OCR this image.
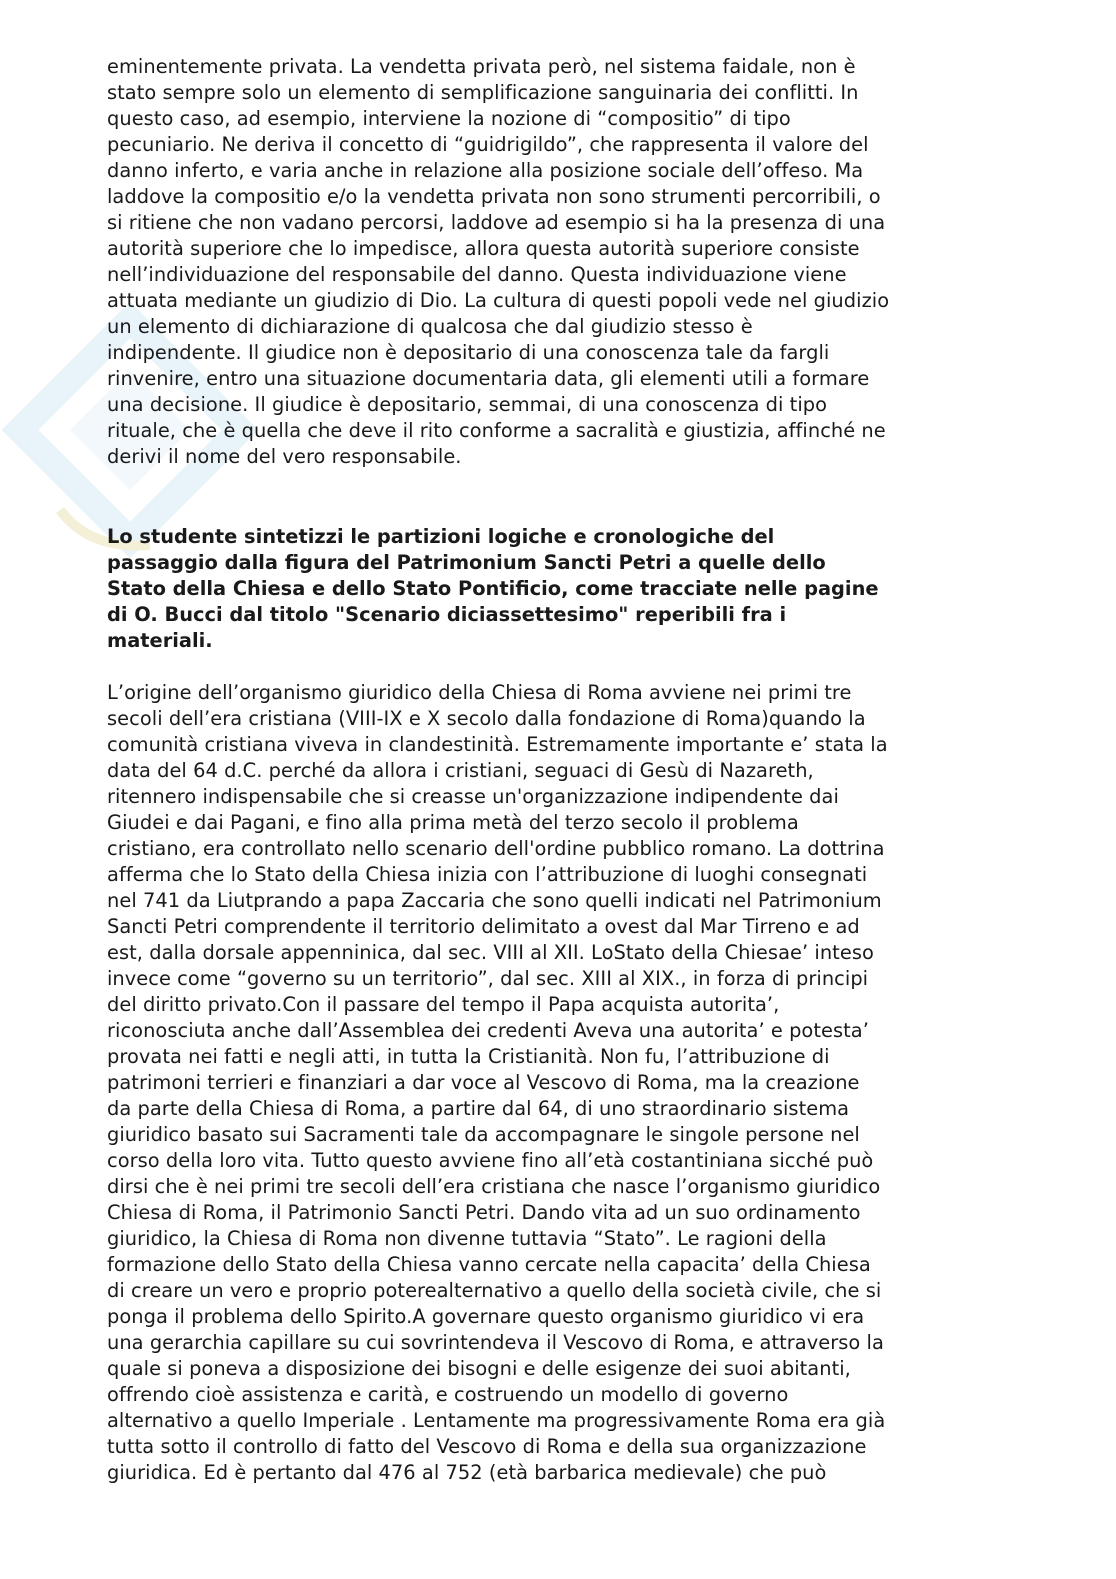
eminentemente privata. La vendetta privata però, nel sistema faidale, non è
stato sempre solo un elemento di semplificazione sanguinaria dei conflitti. In
questo caso, ad esempio, interviene la nozione di “compositio” di tipo
pecuniario. Ne deriva il concetto di “guidrigildo”, che rappresenta il valore del
danno inferto, e varia anche in relazione alla posizione sociale dell’offeso. Ma
laddove la compositio e/o la vendetta privata non sono strumenti percorribili, o
si ritiene che non vadano percorsi, laddove ad esempio si ha la presenza di una
autorità superiore che lo impedisce, allora questa autorità superiore consiste
nell’individuazione del responsabile del danno. Questa individuazione viene
attuata mediante un giudizio di Dio. La cultura di questi popoli vede nel giudizio
un elemento di dichiarazione di qualcosa che dal giudizio stesso è
indipendente. Il giudice non è depositario di una conoscenza tale da fargli
rinvenire, entro una situazione documentaria data, gli elementi utili a formare
una decisione. Il giudice è depositario, semmai, di una conoscenza di tipo
rituale, che è quella che deve il rito conforme a sacralità e giustizia, affinché ne
derivi il nome del vero responsabile.

Lo studente sintetizzi le partizioni logiche e cronologiche del
passaggio dalla figura del Patrimonium Sancti Petri a quelle dello
Stato della Chiesa e dello Stato Pontificio, come tracciate nelle pagine
di O. Bucci dal titolo "Scenario diciassettesimo" reperibili fra i
materiali.

L’origine dell’organismo giuridico della Chiesa di Roma avviene nei primi tre
secoli dell’era cristiana (VIII-IX e X secolo dalla fondazione di Roma)quando la
comunità cristiana viveva in clandestinità. Estremamente importante e’ stata la
data del 64 d.C. perché da allora i cristiani, seguaci di Gesù di Nazareth,
ritennero indispensabile che si creasse un'organizzazione indipendente dai
Giudei e dai Pagani, e fino alla prima metà del terzo secolo il problema
cristiano, era controllato nello scenario dell'ordine pubblico romano. La dottrina
afferma che lo Stato della Chiesa inizia con l’attribuzione di luoghi consegnati
nel 741 da Liutprando a papa Zaccaria che sono quelli indicati nel Patrimonium
Sancti Petri comprendente il territorio delimitato a ovest dal Mar Tirreno e ad
est, dalla dorsale appenninica, dal sec. VIII al XII. LoStato della Chiesae’ inteso
invece come “governo su un territorio”, dal sec. XIII al XIX., in forza di principi
del diritto privato.Con il passare del tempo il Papa acquista autorita’,
riconosciuta anche dall’Assemblea dei credenti Aveva una autorita’ e potesta’
provata nei fatti e negli atti, in tutta la Cristianità. Non fu, l’attribuzione di
patrimoni terrieri e finanziari a dar voce al Vescovo di Roma, ma la creazione
da parte della Chiesa di Roma, a partire dal 64, di uno straordinario sistema
giuridico basato sui Sacramenti tale da accompagnare le singole persone nel
corso della loro vita. Tutto questo avviene fino all’età costantiniana sicché può
dirsi che è nei primi tre secoli dell’era cristiana che nasce l’organismo giuridico
Chiesa di Roma, il Patrimonio Sancti Petri. Dando vita ad un suo ordinamento
giuridico, la Chiesa di Roma non divenne tuttavia “Stato”. Le ragioni della
formazione dello Stato della Chiesa vanno cercate nella capacita’ della Chiesa
di creare un vero e proprio poterealternativo a quello della società civile, che si
ponga il problema dello Spirito.A governare questo organismo giuridico vi era
una gerarchia capillare su cui sovrintendeva il Vescovo di Roma, e attraverso la
quale si poneva a disposizione dei bisogni e delle esigenze dei suoi abitanti,
offrendo cioè assistenza e carità, e costruendo un modello di governo
alternativo a quello Imperiale . Lentamente ma progressivamente Roma era già
tutta sotto il controllo di fatto del Vescovo di Roma e della sua organizzazione
giuridica. Ed è pertanto dal 476 al 752 (età barbarica medievale) che può
